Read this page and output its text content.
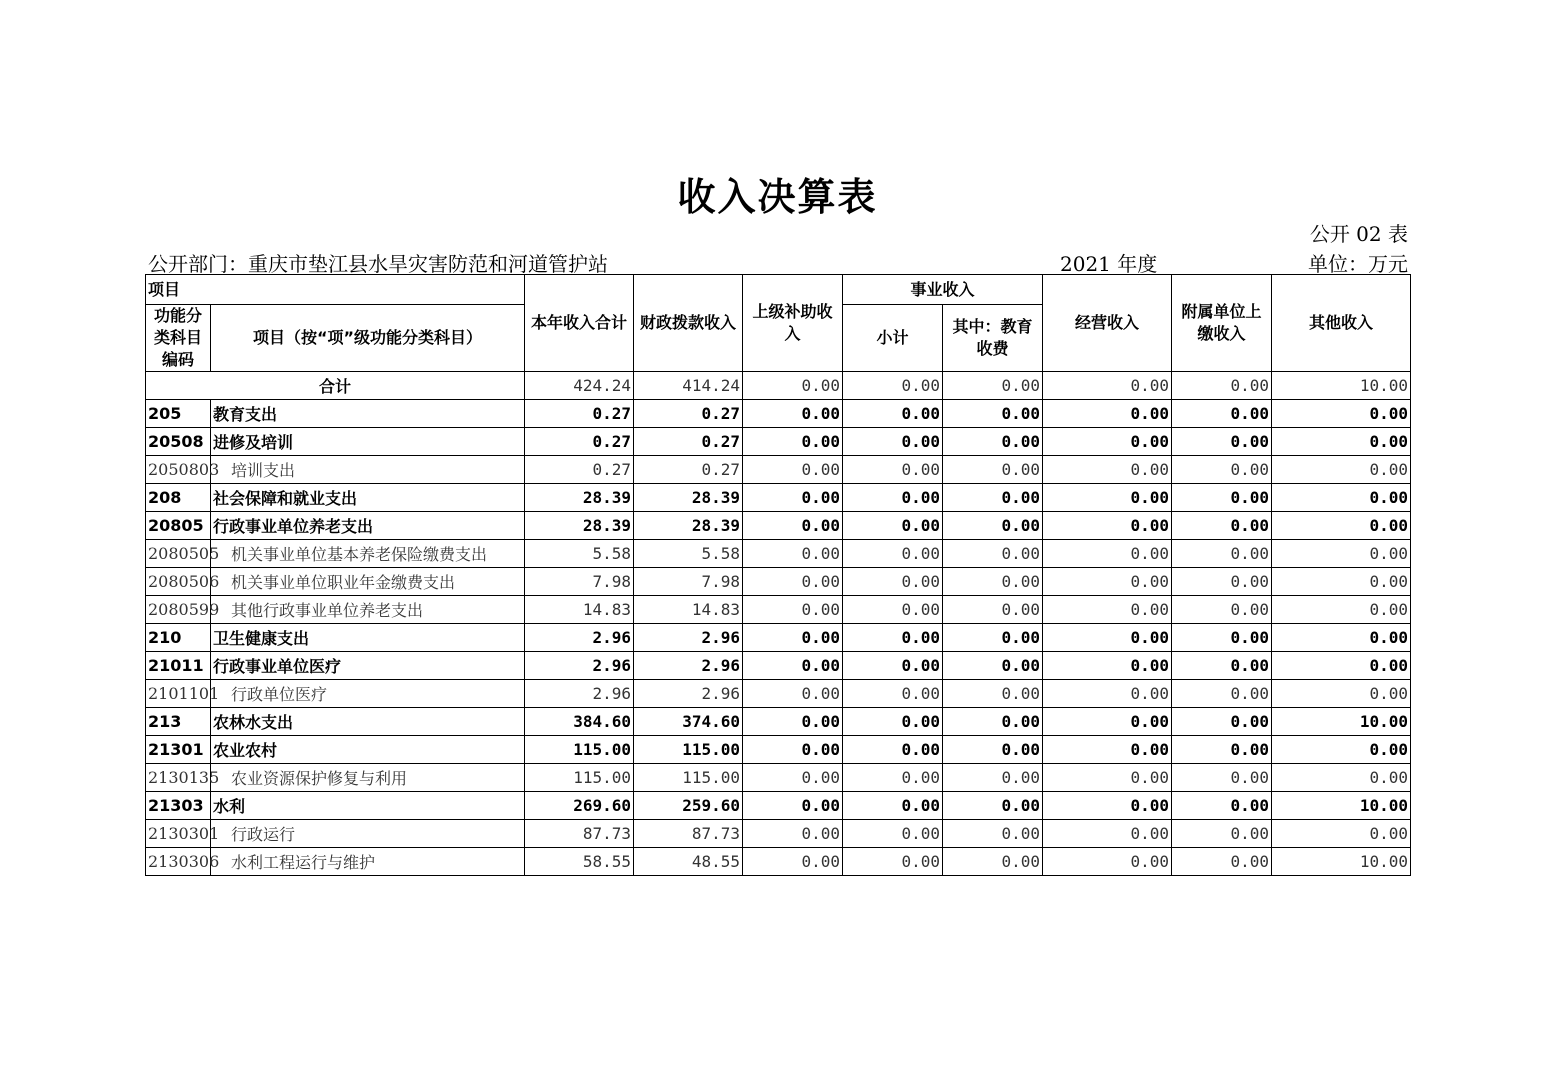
收入决算表
公开 02 表
公开部门：重庆市垫江县水旱灾害防范和河道管护站	2021 年度	单位：万元
项目		本年收入合计	财政拨款收入	上级补助收入	事业收入		经营收入	附属单位上缴收入	其他收入
功能分类科目编码	项目（按“项”级功能分类科目）								
					小计	其中：教育收费			
合计		424.24	414.24	0.00	0.00	0.00	0.00	0.00	10.00
205	教育支出	0.27	0.27	0.00	0.00	0.00	0.00	0.00	0.00
20508	进修及培训	0.27	0.27	0.00	0.00	0.00	0.00	0.00	0.00
2050803	培训支出	0.27	0.27	0.00	0.00	0.00	0.00	0.00	0.00
208	社会保障和就业支出	28.39	28.39	0.00	0.00	0.00	0.00	0.00	0.00
20805	行政事业单位养老支出	28.39	28.39	0.00	0.00	0.00	0.00	0.00	0.00
2080505	机关事业单位基本养老保险缴费支出	5.58	5.58	0.00	0.00	0.00	0.00	0.00	0.00
2080506	机关事业单位职业年金缴费支出	7.98	7.98	0.00	0.00	0.00	0.00	0.00	0.00
2080599	其他行政事业单位养老支出	14.83	14.83	0.00	0.00	0.00	0.00	0.00	0.00
210	卫生健康支出	2.96	2.96	0.00	0.00	0.00	0.00	0.00	0.00
21011	行政事业单位医疗	2.96	2.96	0.00	0.00	0.00	0.00	0.00	0.00
2101101	行政单位医疗	2.96	2.96	0.00	0.00	0.00	0.00	0.00	0.00
213	农林水支出	384.60	374.60	0.00	0.00	0.00	0.00	0.00	10.00
21301	农业农村	115.00	115.00	0.00	0.00	0.00	0.00	0.00	0.00
2130135	农业资源保护修复与利用	115.00	115.00	0.00	0.00	0.00	0.00	0.00	0.00
21303	水利	269.60	259.60	0.00	0.00	0.00	0.00	0.00	10.00
2130301	行政运行	87.73	87.73	0.00	0.00	0.00	0.00	0.00	0.00
2130306	水利工程运行与维护	58.55	48.55	0.00	0.00	0.00	0.00	0.00	10.00
